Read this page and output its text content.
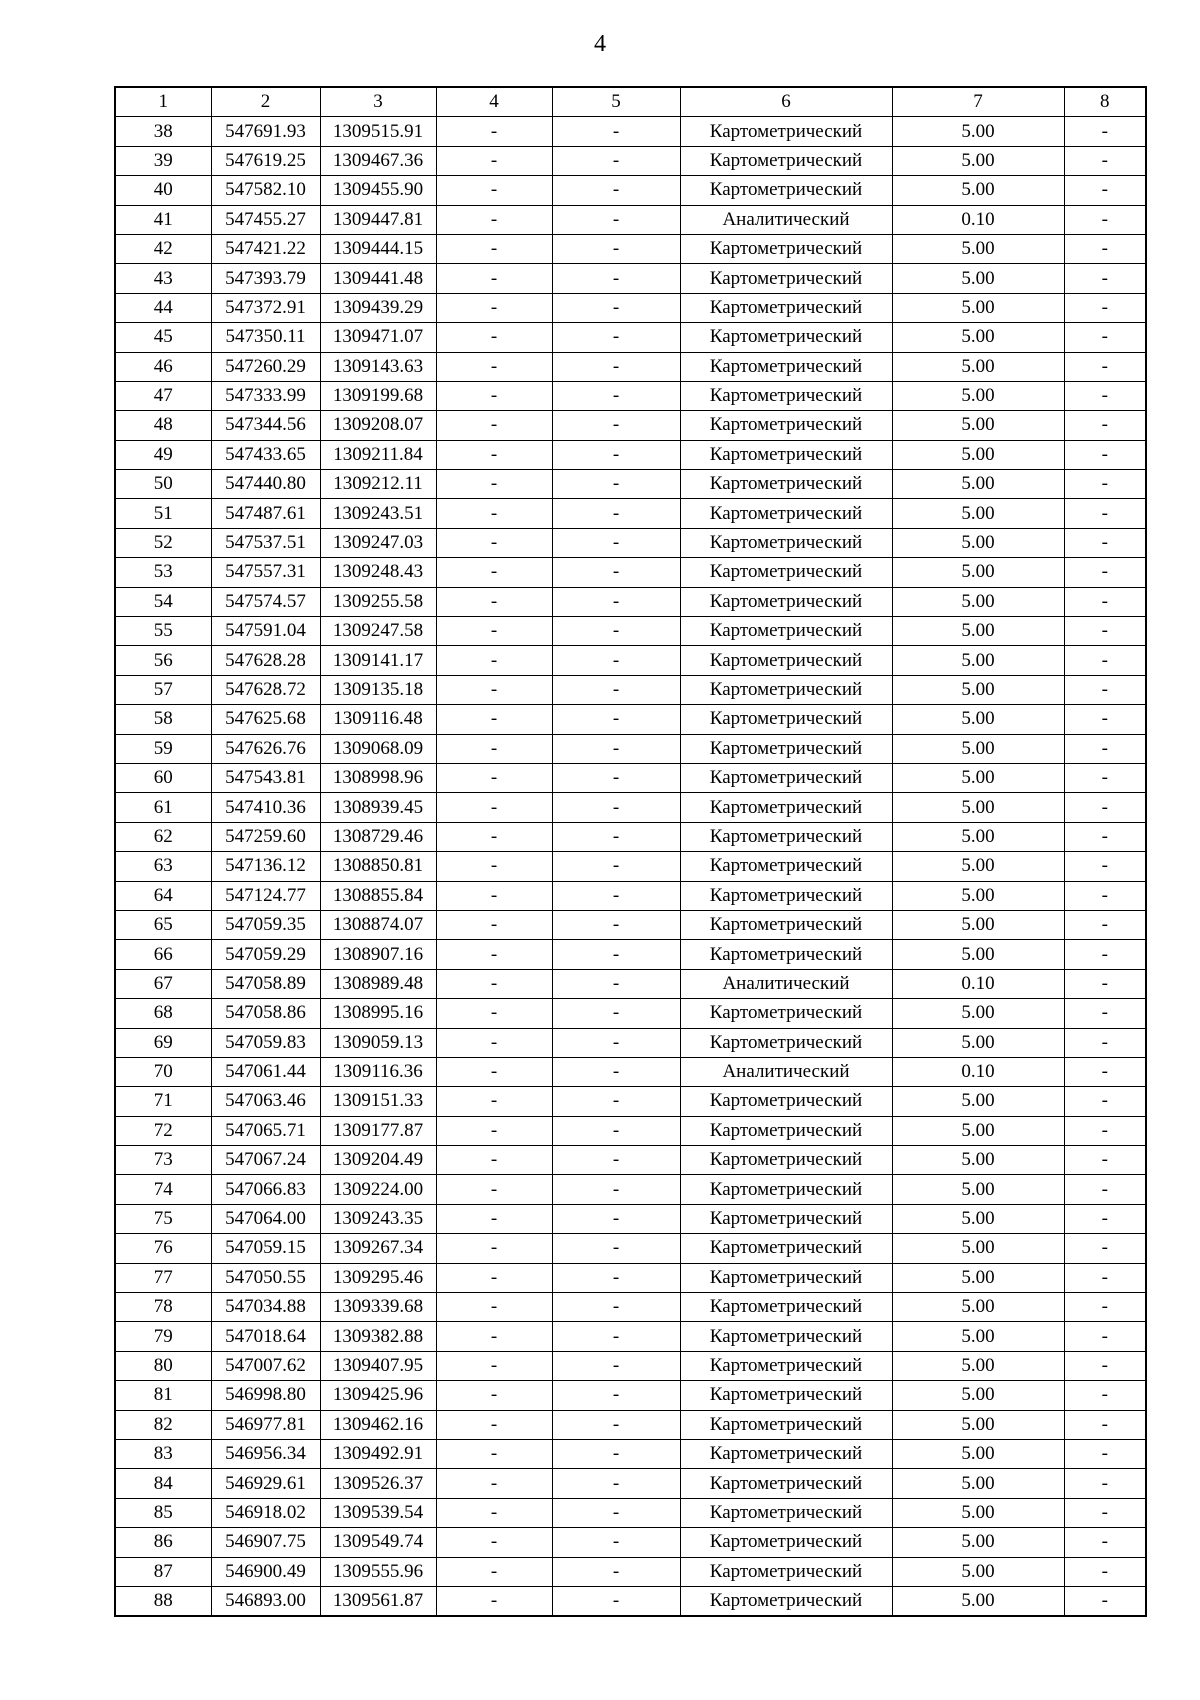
4
1	2	3	4	5	6	7	8
38	547691.93	1309515.91	-	-	Картометрический	5.00	-
39	547619.25	1309467.36	-	-	Картометрический	5.00	-
40	547582.10	1309455.90	-	-	Картометрический	5.00	-
41	547455.27	1309447.81	-	-	Аналитический	0.10	-
42	547421.22	1309444.15	-	-	Картометрический	5.00	-
43	547393.79	1309441.48	-	-	Картометрический	5.00	-
44	547372.91	1309439.29	-	-	Картометрический	5.00	-
45	547350.11	1309471.07	-	-	Картометрический	5.00	-
46	547260.29	1309143.63	-	-	Картометрический	5.00	-
47	547333.99	1309199.68	-	-	Картометрический	5.00	-
48	547344.56	1309208.07	-	-	Картометрический	5.00	-
49	547433.65	1309211.84	-	-	Картометрический	5.00	-
50	547440.80	1309212.11	-	-	Картометрический	5.00	-
51	547487.61	1309243.51	-	-	Картометрический	5.00	-
52	547537.51	1309247.03	-	-	Картометрический	5.00	-
53	547557.31	1309248.43	-	-	Картометрический	5.00	-
54	547574.57	1309255.58	-	-	Картометрический	5.00	-
55	547591.04	1309247.58	-	-	Картометрический	5.00	-
56	547628.28	1309141.17	-	-	Картометрический	5.00	-
57	547628.72	1309135.18	-	-	Картометрический	5.00	-
58	547625.68	1309116.48	-	-	Картометрический	5.00	-
59	547626.76	1309068.09	-	-	Картометрический	5.00	-
60	547543.81	1308998.96	-	-	Картометрический	5.00	-
61	547410.36	1308939.45	-	-	Картометрический	5.00	-
62	547259.60	1308729.46	-	-	Картометрический	5.00	-
63	547136.12	1308850.81	-	-	Картометрический	5.00	-
64	547124.77	1308855.84	-	-	Картометрический	5.00	-
65	547059.35	1308874.07	-	-	Картометрический	5.00	-
66	547059.29	1308907.16	-	-	Картометрический	5.00	-
67	547058.89	1308989.48	-	-	Аналитический	0.10	-
68	547058.86	1308995.16	-	-	Картометрический	5.00	-
69	547059.83	1309059.13	-	-	Картометрический	5.00	-
70	547061.44	1309116.36	-	-	Аналитический	0.10	-
71	547063.46	1309151.33	-	-	Картометрический	5.00	-
72	547065.71	1309177.87	-	-	Картометрический	5.00	-
73	547067.24	1309204.49	-	-	Картометрический	5.00	-
74	547066.83	1309224.00	-	-	Картометрический	5.00	-
75	547064.00	1309243.35	-	-	Картометрический	5.00	-
76	547059.15	1309267.34	-	-	Картометрический	5.00	-
77	547050.55	1309295.46	-	-	Картометрический	5.00	-
78	547034.88	1309339.68	-	-	Картометрический	5.00	-
79	547018.64	1309382.88	-	-	Картометрический	5.00	-
80	547007.62	1309407.95	-	-	Картометрический	5.00	-
81	546998.80	1309425.96	-	-	Картометрический	5.00	-
82	546977.81	1309462.16	-	-	Картометрический	5.00	-
83	546956.34	1309492.91	-	-	Картометрический	5.00	-
84	546929.61	1309526.37	-	-	Картометрический	5.00	-
85	546918.02	1309539.54	-	-	Картометрический	5.00	-
86	546907.75	1309549.74	-	-	Картометрический	5.00	-
87	546900.49	1309555.96	-	-	Картометрический	5.00	-
88	546893.00	1309561.87	-	-	Картометрический	5.00	-
